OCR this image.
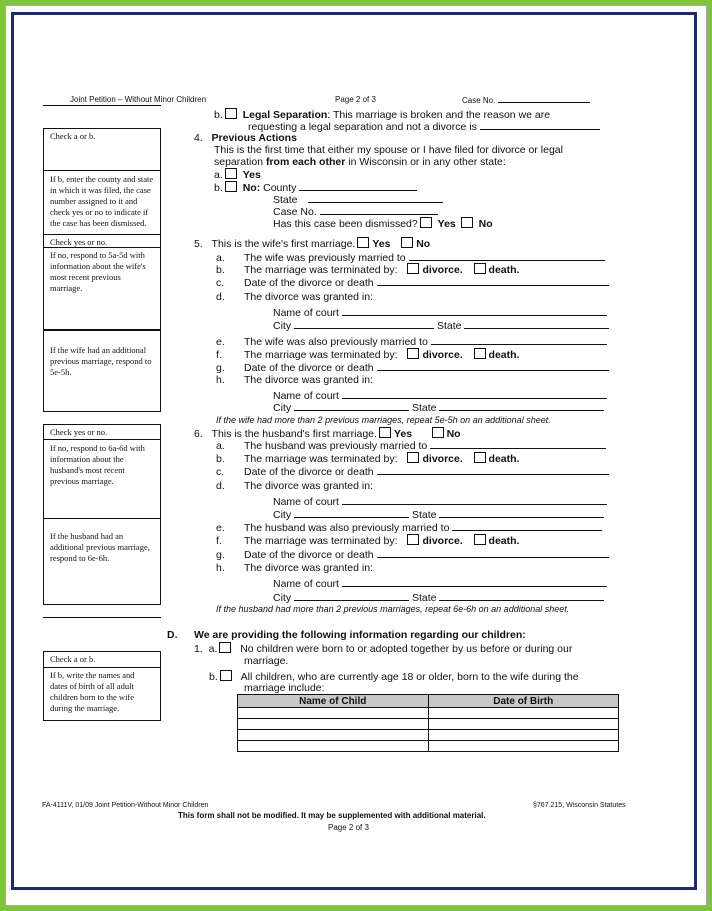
Joint Petition – Without Minor Children	Page 2 of 3	Case No.
Check a or b.
If b, enter the county and state in which it was filed, the case number assigned to it and check yes or no to indicate if the case has been dismissed.
Check yes or no.
If no, respond to 5a-5d with information about the wife's most recent previous marriage.
If the wife had an additional previous marriage, respond to 5e-5h.
Check yes or no.
If no, respond to 6a-6d with information about the husband's most recent previous marriage.
If the husband had an additional previous marriage, respond to 6e-6h.
Check a or b.
If b, write the names and dates of birth of all adult children born to the wife during the marriage.
b. Legal Separation: This marriage is broken and the reason we are
requesting a legal separation and not a divorce is
4. Previous Actions
This is the first time that either my spouse or I have filed for divorce or legal
separation from each other in Wisconsin or in any other state:
a. Yes
b. No: County
State
Case No.
Has this case been dismissed? Yes No
5. This is the wife's first marriage. Yes No
a. The wife was previously married to
b. The marriage was terminated by: divorce. death.
c. Date of the divorce or death
d. The divorce was granted in:
Name of court
City	State
e. The wife was also previously married to
f. The marriage was terminated by: divorce. death.
g. Date of the divorce or death
h. The divorce was granted in:
Name of court
City	State
If the wife had more than 2 previous marriages, repeat 5e-5h on an additional sheet.
6. This is the husband's first marriage. Yes	No
a. The husband was previously married to
b. The marriage was terminated by: divorce. death.
c. Date of the divorce or death
d. The divorce was granted in:
Name of court
City	State
e. The husband was also previously married to
f. The marriage was terminated by: divorce. death.
g. Date of the divorce or death
h. The divorce was granted in:
Name of court
City	State
If the husband had more than 2 previous marriages, repeat 6e-6h on an additional sheet.
D. We are providing the following information regarding our children:
1. a. No children were born to or adopted together by us before or during our
marriage.
b. All children, who are currently age 18 or older, born to the wife during the
marriage include:
Name of Child	Date of Birth

FA-4111V, 01/09 Joint Petition-Without Minor Children	§767.215, Wisconsin Statutes
This form shall not be modified. It may be supplemented with additional material.
Page 2 of 3
